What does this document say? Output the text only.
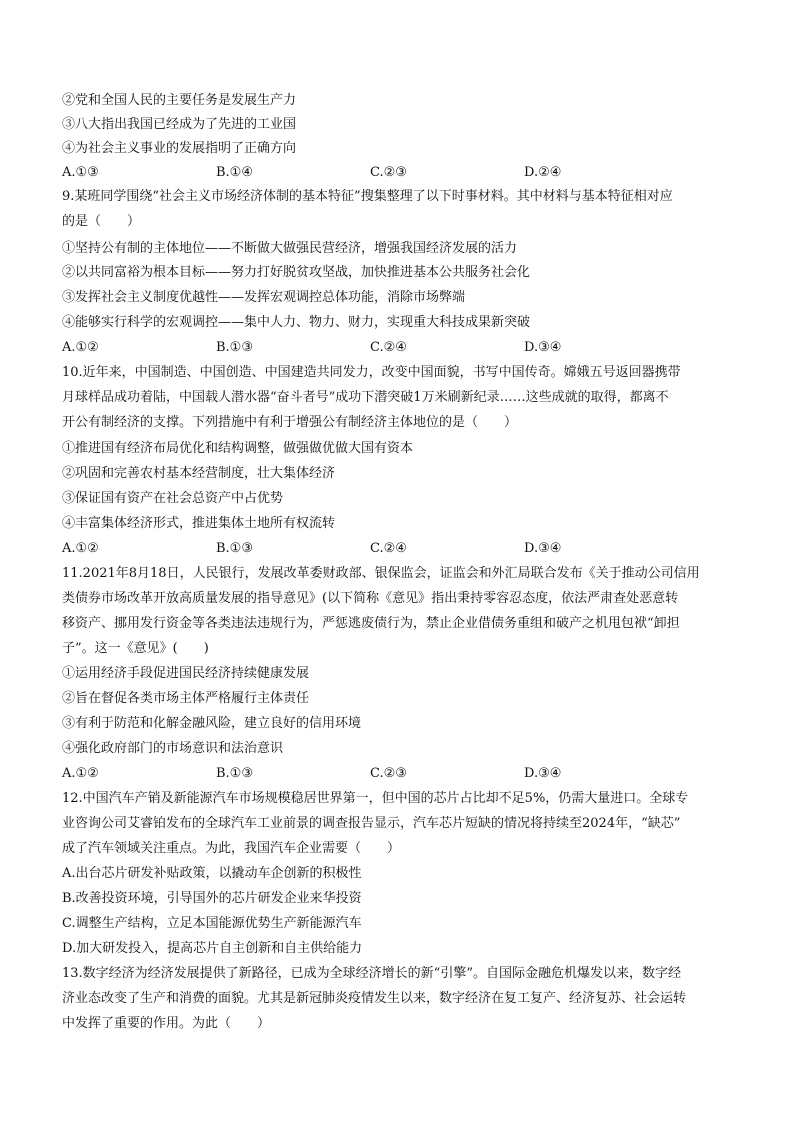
②党和全国人民的主要任务是发展生产力
③八大指出我国已经成为了先进的工业国
④为社会主义事业的发展指明了正确方向
A.①③	B.①④	C.②③	D.②④
9.某班同学围绕“社会主义市场经济体制的基本特征”搜集整理了以下时事材料。其中材料与基本特征相对应
的是（　　）
①坚持公有制的主体地位——不断做大做强民营经济，增强我国经济发展的活力
②以共同富裕为根本目标——努力打好脱贫攻坚战，加快推进基本公共服务社会化
③发挥社会主义制度优越性——发挥宏观调控总体功能，消除市场弊端
④能够实行科学的宏观调控——集中人力、物力、财力，实现重大科技成果新突破
A.①②	B.①③	C.②④	D.③④
10.近年来，中国制造、中国创造、中国建造共同发力，改变中国面貌，书写中国传奇。嫦娥五号返回器携带
月球样品成功着陆，中国载人潜水器“奋斗者号”成功下潜突破1万米刷新纪录……这些成就的取得，都离不
开公有制经济的支撑。下列措施中有利于增强公有制经济主体地位的是（　　）
①推进国有经济布局优化和结构调整，做强做优做大国有资本
②巩固和完善农村基本经营制度，壮大集体经济
③保证国有资产在社会总资产中占优势
④丰富集体经济形式，推进集体土地所有权流转
A.①②	B.①③	C.②④	D.③④
11.2021年8月18日，人民银行，发展改革委财政部、银保监会，证监会和外汇局联合发布《关于推动公司信用
类债券市场改革开放高质量发展的指导意见》(以下简称《意见》指出秉持零容忍态度，依法严肃查处恶意转
移资产、挪用发行资金等各类违法违规行为，严惩逃废债行为，禁止企业借债务重组和破产之机甩包袱“卸担
子”。这一《意见》(　　)
①运用经济手段促进国民经济持续健康发展
②旨在督促各类市场主体严格履行主体责任
③有利于防范和化解金融风险，建立良好的信用环境
④强化政府部门的市场意识和法治意识
A.①②	B.①③	C.②③	D.③④
12.中国汽车产销及新能源汽车市场规模稳居世界第一，但中国的芯片占比却不足5%，仍需大量进口。全球专
业咨询公司艾睿铂发布的全球汽车工业前景的调查报告显示，汽车芯片短缺的情况将持续至2024年，“缺芯”
成了汽车领域关注重点。为此，我国汽车企业需要（　　）
A.出台芯片研发补贴政策，以撬动车企创新的积极性
B.改善投资环境，引导国外的芯片研发企业来华投资
C.调整生产结构，立足本国能源优势生产新能源汽车
D.加大研发投入，提高芯片自主创新和自主供给能力
13.数字经济为经济发展提供了新路径，已成为全球经济增长的新“引擎”。自国际金融危机爆发以来，数字经
济业态改变了生产和消费的面貌。尤其是新冠肺炎疫情发生以来，数字经济在复工复产、经济复苏、社会运转
中发挥了重要的作用。为此（　　）
